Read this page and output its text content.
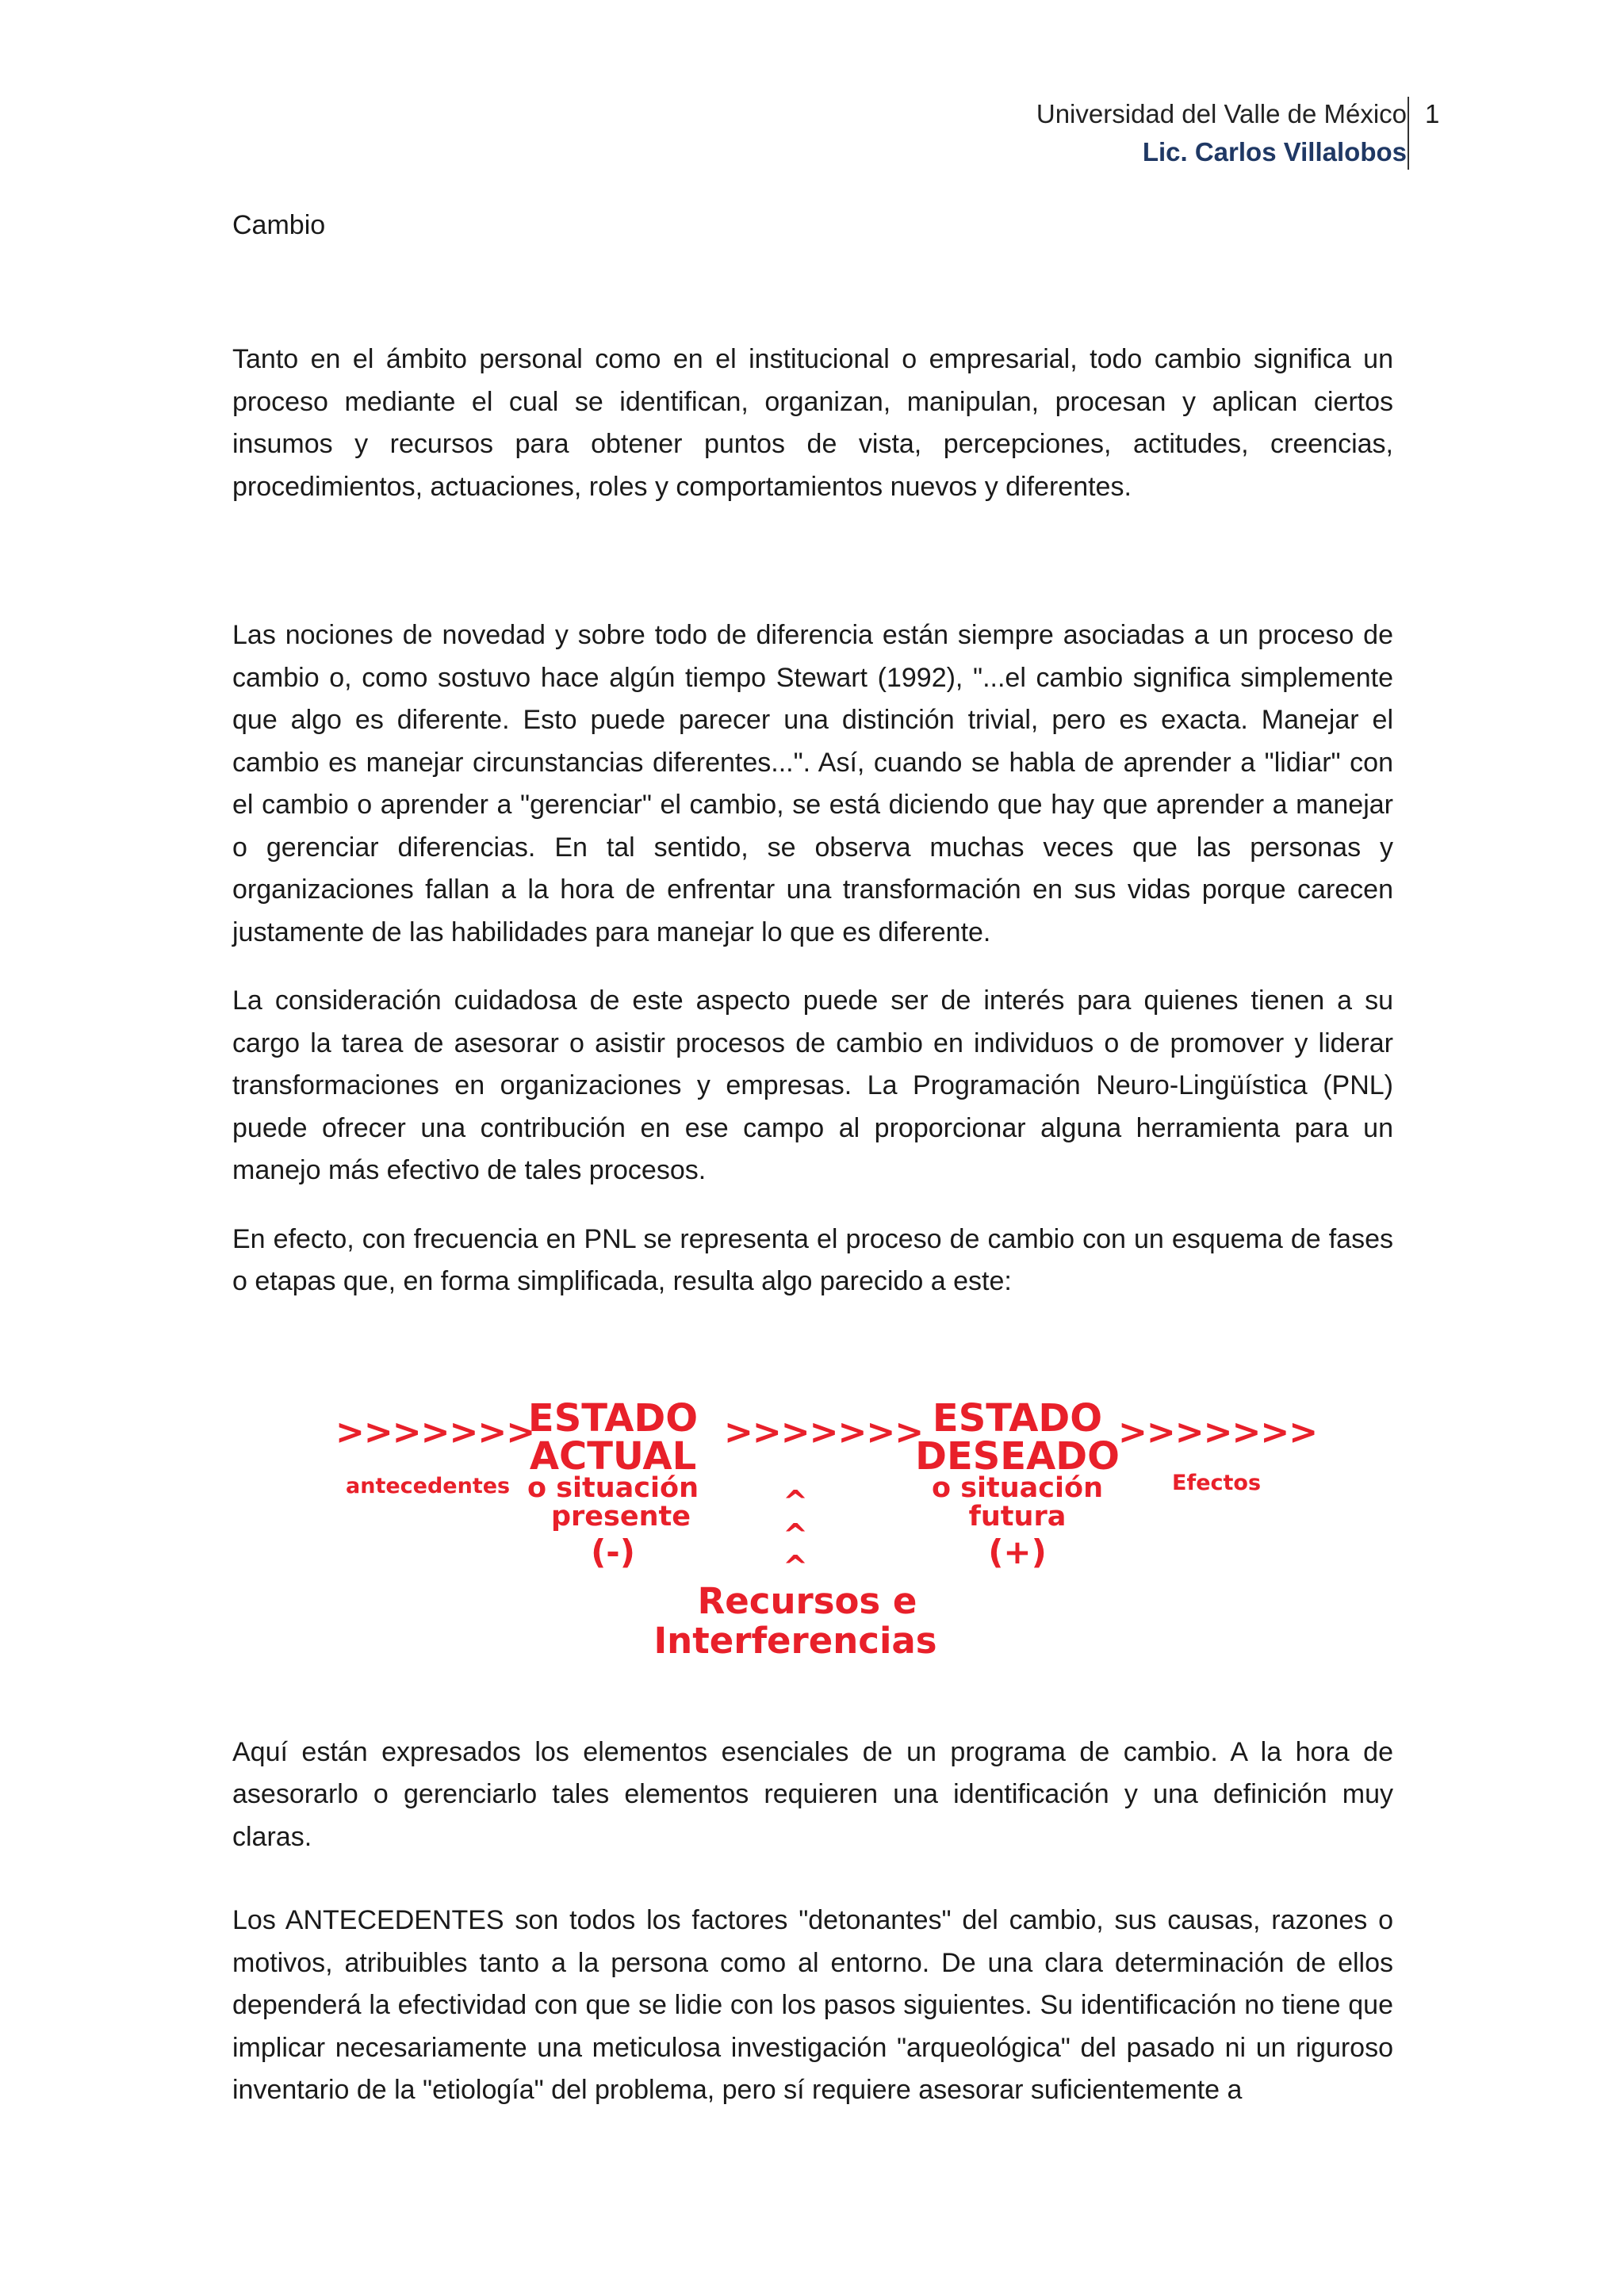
Universidad del Valle de México
Lic. Carlos Villalobos
1

Cambio

Tanto en el ámbito personal como en el institucional o empresarial, todo cambio significa un proceso mediante el cual se identifican, organizan, manipulan, procesan y aplican ciertos insumos y recursos para obtener puntos de vista, percepciones, actitudes, creencias, procedimientos, actuaciones, roles y comportamientos nuevos y diferentes.

Las nociones de novedad y sobre todo de diferencia están siempre asociadas a un proceso de cambio o, como sostuvo hace algún tiempo Stewart (1992), "...el cambio significa simplemente que algo es diferente. Esto puede parecer una distinción trivial, pero es exacta. Manejar el cambio es manejar circunstancias diferentes...". Así, cuando se habla de aprender a "lidiar" con el cambio o aprender a "gerenciar" el cambio, se está diciendo que hay que aprender a manejar o gerenciar diferencias. En tal sentido, se observa muchas veces que las personas y organizaciones fallan a la hora de enfrentar una transformación en sus vidas porque carecen justamente de las habilidades para manejar lo que es diferente.

La consideración cuidadosa de este aspecto puede ser de interés para quienes tienen a su cargo la tarea de asesorar o asistir procesos de cambio en individuos o de promover y liderar transformaciones en organizaciones y empresas. La Programación Neuro-Lingüística (PNL) puede ofrecer una contribución en ese campo al proporcionar alguna herramienta para un manejo más efectivo de tales procesos.

En efecto, con frecuencia en PNL se representa el proceso de cambio con un esquema de fases o etapas que, en forma simplificada, resulta algo parecido a este:

>>>>>>>
antecedentes
ESTADO
ACTUAL
o situación
presente
(-)
>>>>>>> ESTADO
DESEADO
o situación
futura
(+)
>>>>>>>
Efectos
^
^
^
Recursos e
Interferencias

Aquí están expresados los elementos esenciales de un programa de cambio. A la hora de asesorarlo o gerenciarlo tales elementos requieren una identificación y una definición muy claras.

Los ANTECEDENTES son todos los factores "detonantes" del cambio, sus causas, razones o motivos, atribuibles tanto a la persona como al entorno. De una clara determinación de ellos dependerá la efectividad con que se lidie con los pasos siguientes. Su identificación no tiene que implicar necesariamente una meticulosa investigación "arqueológica" del pasado ni un riguroso inventario de la "etiología" del problema, pero sí requiere asesorar suficientemente a
